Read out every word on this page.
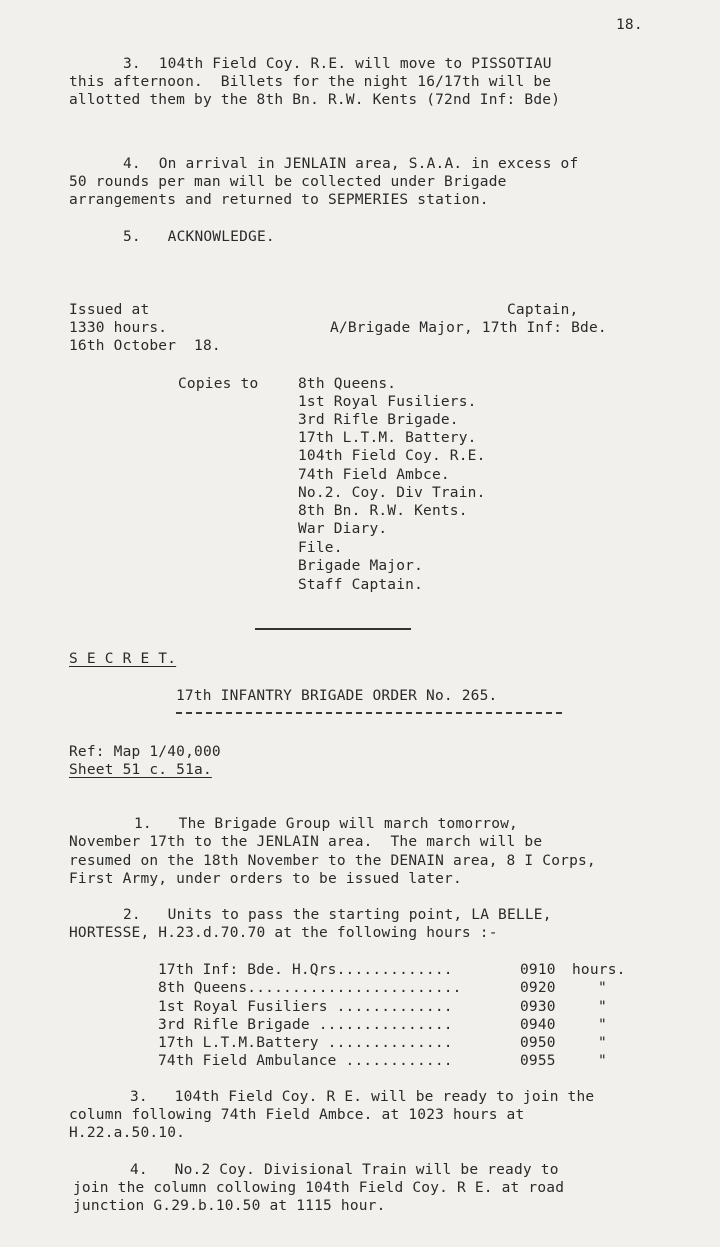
18.
3.  104th Field Coy. R.E. will move to PISSOTIAU
this afternoon.  Billets for the night 16/17th will be
allotted them by the 8th Bn. R.W. Kents (72nd Inf: Bde)
4.  On arrival in JENLAIN area, S.A.A. in excess of
50 rounds per man will be collected under Brigade
arrangements and returned to SEPMERIES station.
5.   ACKNOWLEDGE.
Issued at
1330 hours.
16th October  18.
Captain,
A/Brigade Major, 17th Inf: Bde.
Copies to	8th Queens.
1st Royal Fusiliers.
3rd Rifle Brigade.
17th L.T.M. Battery.
104th Field Coy. R.E.
74th Field Ambce.
No.2. Coy. Div Train.
8th Bn. R.W. Kents.
War Diary.
File.
Brigade Major.
Staff Captain.
S E C R E T.
17th INFANTRY BRIGADE ORDER No. 265.
Ref: Map 1/40,000
Sheet 51 c. 51a.
1.   The Brigade Group will march tomorrow,
November 17th to the JENLAIN area.  The march will be
resumed on the 18th November to the DENAIN area, 8 I Corps,
First Army, under orders to be issued later.
2.   Units to pass the starting point, LA BELLE,
HORTESSE, H.23.d.70.70 at the following hours :-
17th Inf: Bde. H.Qrs.............	0910 hours.
8th Queens........................	0920	"
1st Royal Fusiliers .............	0930	"
3rd Rifle Brigade ...............	0940	"
17th L.T.M.Battery ..............	0950	"
74th Field Ambulance ............	0955	"
3.   104th Field Coy. R E. will be ready to join the
column following 74th Field Ambce. at 1023 hours at
H.22.a.50.10.
4.   No.2 Coy. Divisional Train will be ready to
join the column collowing 104th Field Coy. R E. at road
junction G.29.b.10.50 at 1115 hour.
